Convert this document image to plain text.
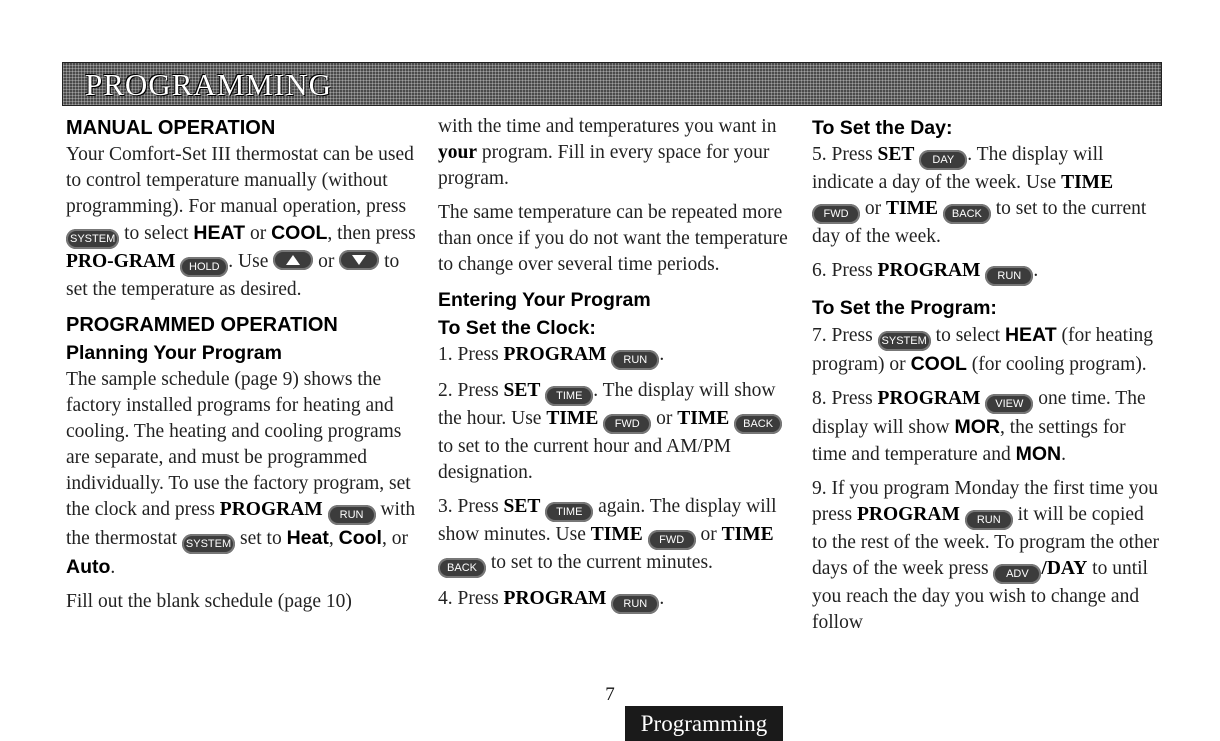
PROGRAMMING
MANUAL OPERATION

Your Comfort-Set III thermostat can be used to control temperature manually (without programming). For manual operation, press SYSTEM to select HEAT or COOL, then press PRO-GRAM HOLD . Use	or	to set the temperature as desired.

PROGRAMMED OPERATION
Planning Your Program

The sample schedule (page 9) shows the factory installed programs for heating and cooling. The heating and cooling programs are separate, and must be programmed individually. To use the factory program, set the clock and press PROGRAM RUN with the thermostat SYSTEM set to Heat, Cool, or Auto.

Fill out the blank schedule (page 10)

with the time and temperatures you want in your program. Fill in every space for your program.

The same temperature can be repeated more than once if you do not want the temperature to change over several time periods.

Entering Your Program
To Set the Clock:

1. Press PROGRAM RUN .

2. Press SET TIME . The display will show the hour. Use TIME FWD or TIME BACK to set to the current hour and AM/PM designation.

3. Press SET TIME again. The display will show minutes. Use TIME FWD or TIME BACK to set to the current minutes.

4. Press PROGRAM RUN .

To Set the Day:

5. Press SET DAY . The display will indicate a day of the week. Use TIME FWD or TIME BACK to set to the current day of the week.

6. Press PROGRAM RUN .

To Set the Program:

7. Press SYSTEM to select HEAT (for heating program) or COOL (for cooling program).

8. Press PROGRAM VIEW one time. The display will show MOR, the settings for time and temperature and MON.

9. If you program Monday the first time you press PROGRAM RUN it will be copied to the rest of the week. To program the other days of the week press ADV /DAY to until you reach the day you wish to change and follow

7
Programming
